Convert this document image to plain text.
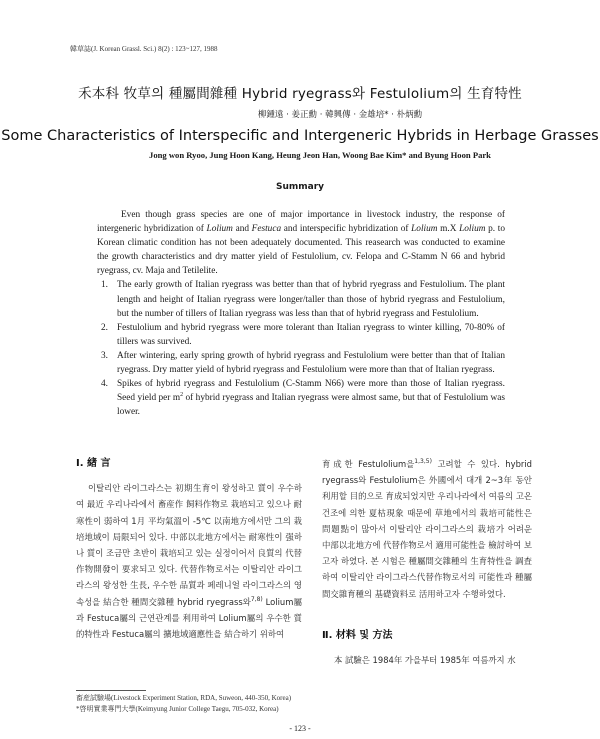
韓草誌(J. Korean Grassl. Sci.) 8(2) : 123~127, 1988
禾本科 牧草의 種屬間雜種 Hybrid ryegrass와 Festulolium의 生育特性
柳鍾遠 · 姜正勳 · 韓興傳 · 金雄培* · 朴炳勳
Some Characteristics of Interspecific and Intergeneric Hybrids in Herbage Grasses
Jong won Ryoo, Jung Hoon Kang, Heung Jeon Han, Woong Bae Kim* and Byung Hoon Park
Summary

Even though grass species are one of major importance in livestock industry, the response of intergeneric hybridization of Lolium and Festuca and interspecific hybridization of Lolium m.X Lolium p. to Korean climatic condition has not been adequately documented. This reasearch was conducted to examine the growth characteristics and dry matter yield of Festulolium, cv. Felopa and C-Stamm N 66 and hybrid ryegrass, cv. Maja and Tetilelite.

1. The early growth of Italian ryegrass was better than that of hybrid ryegrass and Festulolium. The plant length and height of Italian ryegrass were longer/taller than those of hybrid ryegrass and Festulolium, but the number of tillers of Italian ryegrass was less than that of hybrid ryegrass and Festulolium.
2. Festulolium and hybrid ryegrass were more tolerant than Italian ryegrass to winter killing, 70-80% of tillers was survived.
3. After wintering, early spring growth of hybrid ryegrass and Festulolium were better than that of Italian ryegrass. Dry matter yield of hybrid ryegrass and Festulolium were more than that of Italian ryegrass.
4. Spikes of hybrid ryegrass and Festulolium (C-Stamm N66) were more than those of Italian ryegrass. Seed yield per $m^2$ of hybrid ryegrass and Italian ryegrass were almost same, but that of Festulolium was lower.
Ⅰ. 緖 言

이탈리안 라이그라스는 初期生育이 왕성하고 質이 우수하여 最近 우리나라에서 畜産作 飼料作物로 栽培되고 있으나 耐寒性이 弱하여 1月 平均氣溫이 -5℃ 以南地方에서만 그의 栽培地域이 局限되어 있다. 中部以北地方에서는 耐寒性이 强하나 質이 조금만 초반이 栽培되고 있는 실정이어서 良質의 代替作物開發이 要求되고 있다. 代替作物로서는 이탈리안 라이그라스의 왕성한 生長, 우수한 品質과 페레니얼 라이그라스의 영속성을 結合한 種間交雜種 hybrid ryegrass와$^{7,8)}$ Lolium屬과 Festuca屬의 근연관계를 利用하여 Lolium屬의 우수한 質的特性과 Festuca屬의 擴地域適應性을 結合하기 위하여

育成한 Festulolium을$^{1,3,5)}$ 고려할 수 있다. hybrid ryegrass와 Festulolium은 外國에서 대개 2~3年 동안 利用할 目的으로 育成되었지만 우리나라에서 여름의 고온 건조에 의한 夏枯現象 때문에 草地에서의 栽培可能性은 問題點이 많아서 이탈리안 라이그라스의 栽培가 어려운 中部以北地方에 代替作物로서 適用可能性을 檢討하여 보고자 하였다. 본 시험은 種屬間交雜種의 生育特性을 調査하여 이탈리안 라이그라스代替作物로서의 可能性과 種屬間交雜育種의 基礎資料로 活用하고자 수행하였다.

Ⅱ. 材料 및 方法

本 試驗은 1984年 가을부터 1985年 여름까지 水

畜産試驗場(Livestock Experiment Station, RDA, Suweon, 440-350, Korea)
*啓明實業專門大學(Keimyung Junior College Taegu, 705-032, Korea)
- 123 -
